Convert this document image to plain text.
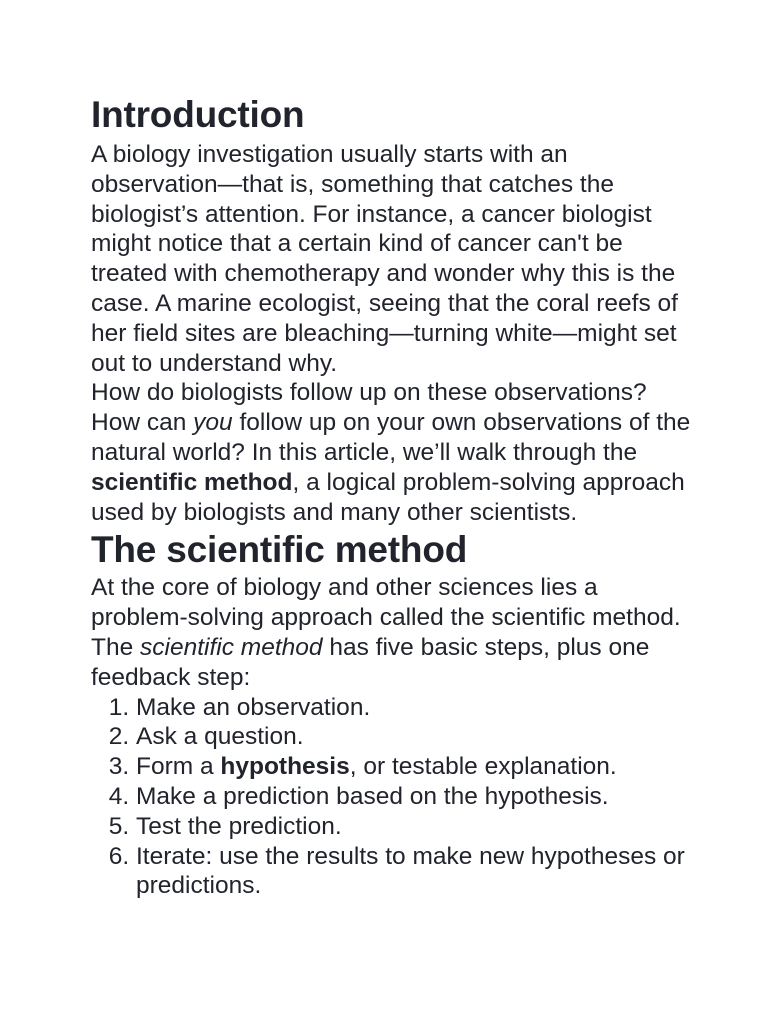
Introduction

A biology investigation usually starts with an observation—that is, something that catches the biologist’s attention. For instance, a cancer biologist might notice that a certain kind of cancer can't be treated with chemotherapy and wonder why this is the case. A marine ecologist, seeing that the coral reefs of her field sites are bleaching—turning white—might set out to understand why.

How do biologists follow up on these observations? How can you follow up on your own observations of the natural world? In this article, we’ll walk through the scientific method, a logical problem-solving approach used by biologists and many other scientists.

The scientific method

At the core of biology and other sciences lies a problem-solving approach called the scientific method. The scientific method has five basic steps, plus one feedback step:

1. Make an observation.
2. Ask a question.
3. Form a hypothesis, or testable explanation.
4. Make a prediction based on the hypothesis.
5. Test the prediction.
6. Iterate: use the results to make new hypotheses or predictions.
